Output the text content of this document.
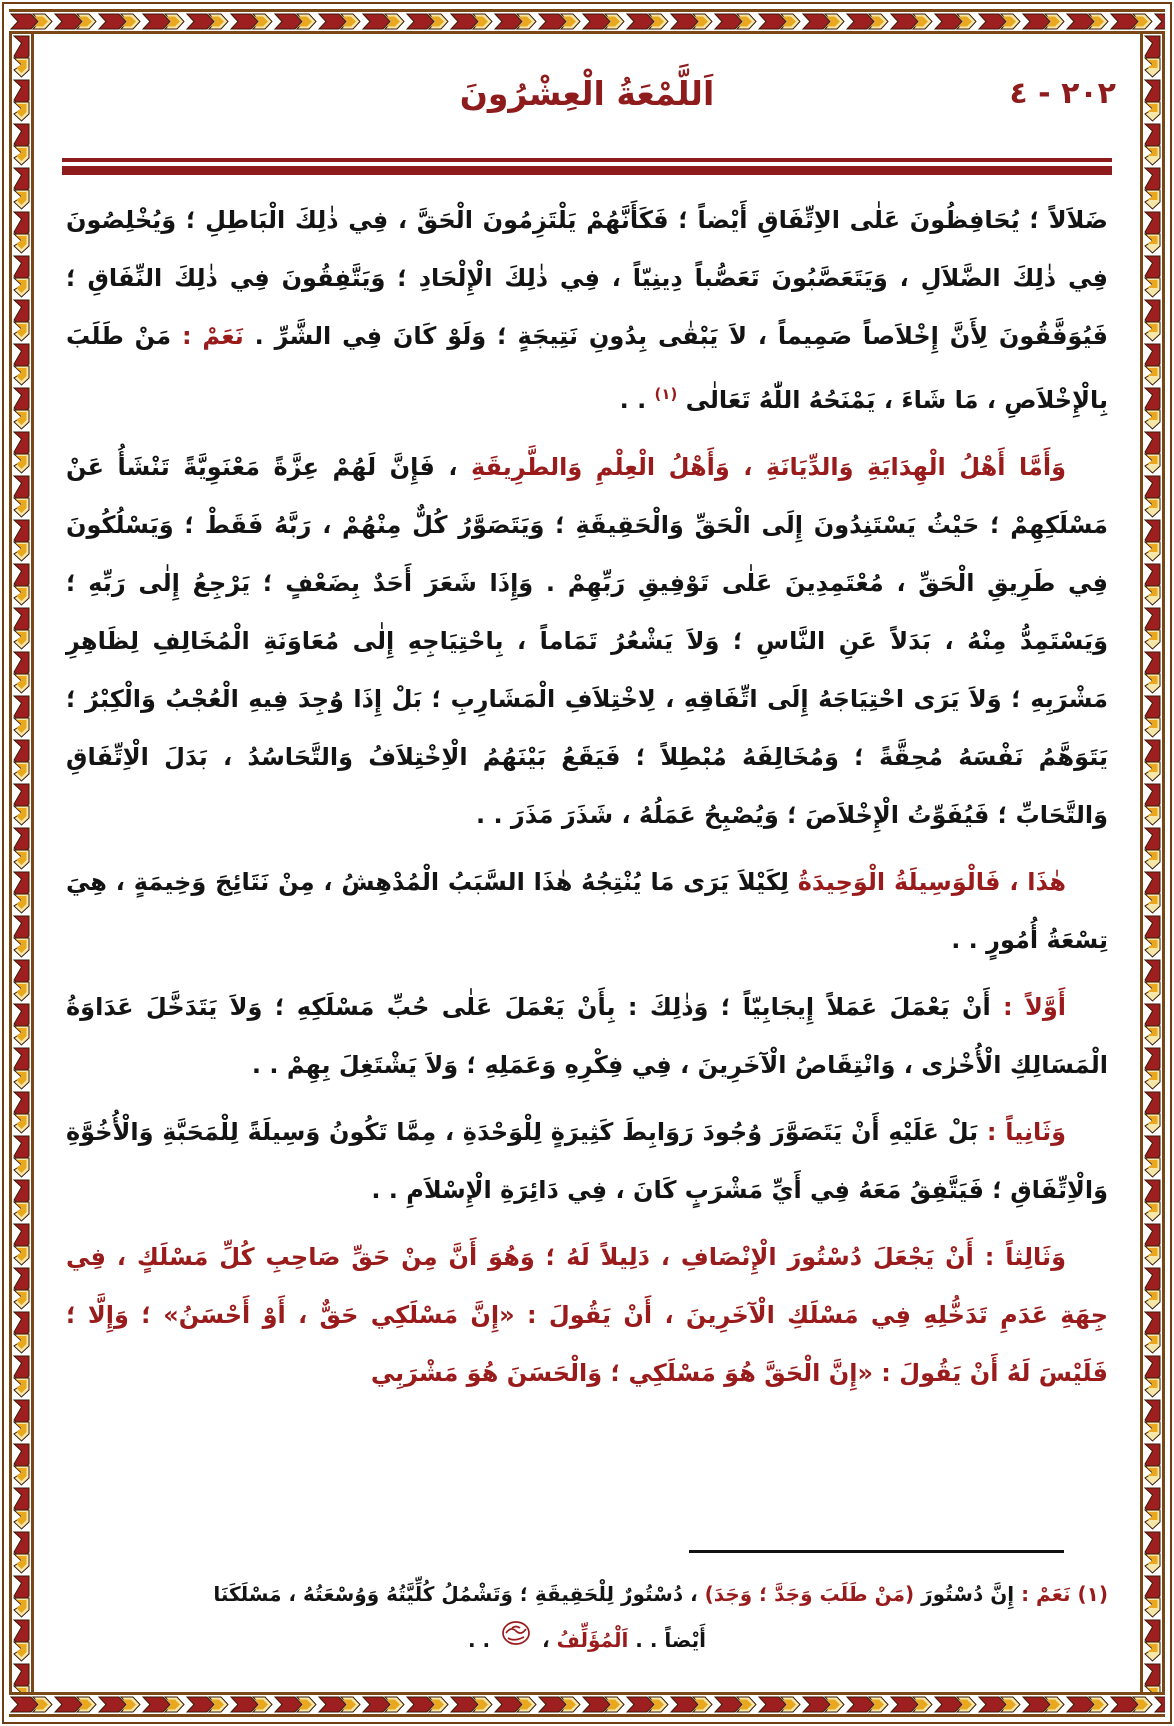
٢٠٢ - ٤
اَللَّمْعَةُ الْعِشْرُونَ

ضَلاَلاً ؛ يُحَافِظُونَ عَلٰى الاِتِّفَاقِ أَيْضاً ؛ فَكَأَنَّهُمْ يَلْتَزِمُونَ الْحَقَّ ، فِي ذٰلِكَ الْبَاطِلِ ؛ وَيُخْلِصُونَ فِي ذٰلِكَ الضَّلاَلِ ، وَيَتَعَصَّبُونَ تَعَصُّباً دِينِيّاً ، فِي ذٰلِكَ الْإِلْحَادِ ؛ وَيَتَّفِقُونَ فِي ذٰلِكَ النِّفَاقِ ؛ فَيُوَفَّقُونَ لِأَنَّ إِخْلاَصاً صَمِيماً ، لاَ يَبْقٰى بِدُونِ نَتِيجَةٍ ؛ وَلَوْ كَانَ فِي الشَّرِّ . نَعَمْ : مَنْ طَلَبَ بِالْإِخْلاَصِ ، مَا شَاءَ ، يَمْنَحُهُ اللّٰهُ تَعَالٰى $^{(١)}$ . .

وَأَمَّا أَهْلُ الْهِدَايَةِ وَالدِّيَانَةِ ، وَأَهْلُ الْعِلْمِ وَالطَّرِيقَةِ ، فَإِنَّ لَهُمْ عِزَّةً مَعْنَوِيَّةً تَنْشَأُ عَنْ مَسْلَكِهِمْ ؛ حَيْثُ يَسْتَنِدُونَ إِلَى الْحَقِّ وَالْحَقِيقَةِ ؛ وَيَتَصَوَّرُ كُلٌّ مِنْهُمْ ، رَبَّهُ فَقَطْ ؛ وَيَسْلُكُونَ فِي طَرِيقِ الْحَقِّ ، مُعْتَمِدِينَ عَلٰى تَوْفِيقِ رَبِّهِمْ . وَإِذَا شَعَرَ أَحَدٌ بِضَعْفٍ ؛ يَرْجِعُ إِلٰى رَبِّهِ ؛ وَيَسْتَمِدُّ مِنْهُ ، بَدَلاً عَنِ النَّاسِ ؛ وَلاَ يَشْعُرُ تَمَاماً ، بِاحْتِيَاجِهِ إِلٰى مُعَاوَنَةِ الْمُخَالِفِ لِظَاهِرِ مَشْرَبِهِ ؛ وَلاَ يَرَى احْتِيَاجَهُ إِلَى اتِّفَاقِهِ ، لِاخْتِلاَفِ الْمَشَارِبِ ؛ بَلْ إِذَا وُجِدَ فِيهِ الْعُجْبُ وَالْكِبْرُ ؛ يَتَوَهَّمُ نَفْسَهُ مُحِقَّةً ؛ وَمُخَالِفَهُ مُبْطِلاً ؛ فَيَقَعُ بَيْنَهُمُ الْاِخْتِلاَفُ وَالتَّحَاسُدُ ، بَدَلَ الْاِتِّفَاقِ وَالتَّحَابِّ ؛ فَيُفَوِّتُ الْإِخْلاَصَ ؛ وَيُصْبِحُ عَمَلُهُ ، شَذَرَ مَذَرَ . .

هٰذَا ، فَالْوَسِيلَةُ الْوَحِيدَةُ لِكَيْلاَ يَرَى مَا يُنْتِجُهُ هٰذَا السَّبَبُ الْمُدْهِشُ ، مِنْ نَتَائِجَ وَخِيمَةٍ ، هِيَ تِسْعَةُ أُمُورٍ . .

أَوَّلاً : أَنْ يَعْمَلَ عَمَلاً إِيجَابِيّاً ؛ وَذٰلِكَ : بِأَنْ يَعْمَلَ عَلٰى حُبِّ مَسْلَكِهِ ؛ وَلاَ يَتَدَخَّلَ عَدَاوَةُ الْمَسَالِكِ الْأُخْرٰى ، وَانْتِقَاصُ الْآخَرِينَ ، فِي فِكْرِهِ وَعَمَلِهِ ؛ وَلاَ يَشْتَغِلَ بِهِمْ . .

وَثَانِياً : بَلْ عَلَيْهِ أَنْ يَتَصَوَّرَ وُجُودَ رَوَابِطَ كَثِيرَةٍ لِلْوَحْدَةِ ، مِمَّا تَكُونُ وَسِيلَةً لِلْمَحَبَّةِ وَالْأُخُوَّةِ وَالْاِتِّفَاقِ ؛ فَيَتَّفِقُ مَعَهُ فِي أَيِّ مَشْرَبٍ كَانَ ، فِي دَائِرَةِ الْإِسْلاَمِ . .

وَثَالِثاً : أَنْ يَجْعَلَ دُسْتُورَ الْإِنْصَافِ ، دَلِيلاً لَهُ ؛ وَهُوَ أَنَّ مِنْ حَقِّ صَاحِبِ كُلِّ مَسْلَكٍ ، فِي جِهَةِ عَدَمِ تَدَخُّلِهِ فِي مَسْلَكِ الْآخَرِينَ ، أَنْ يَقُولَ : «إِنَّ مَسْلَكِي حَقٌّ ، أَوْ أَحْسَنُ» ؛ وَإِلَّا ؛ فَلَيْسَ لَهُ أَنْ يَقُولَ : «إِنَّ الْحَقَّ هُوَ مَسْلَكِي ؛ وَالْحَسَنَ هُوَ مَشْرَبِي

(١) نَعَمْ : إِنَّ دُسْتُورَ (مَنْ طَلَبَ وَجَدَّ ؛ وَجَدَ) ، دُسْتُورٌ لِلْحَقِيقَةِ ؛ وَتَشْمُلُ كُلِّيَّتُهُ وَوُسْعَتُهُ ، مَسْلَكَنَا

أَيْضاً . . اَلْمُؤَلِّفُ ،  . .
